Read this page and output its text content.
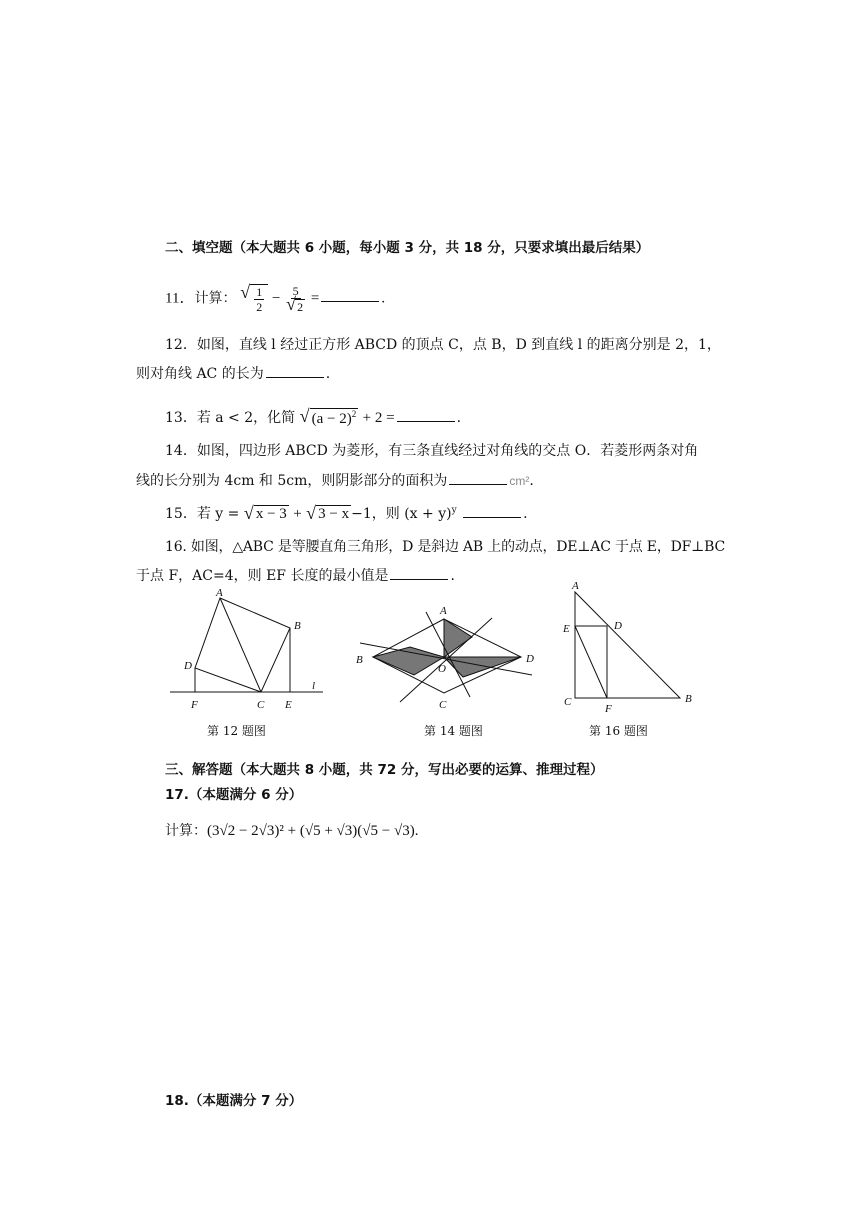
二、填空题（本大题共 6 小题，每小题 3 分，共 18 分，只要求填出最后结果）
11．计算： √ $\frac{1}{2} - 5$
√ 2 =	.
12．如图，直线 l 经过正方形 ABCD 的顶点 C，点 B，D 到直线 l 的距离分别是 2，1，
则对角线 AC 的长为	.
13．若 a < 2，化简 √ $(a - 2)^2 + 2$ =	.
14．如图，四边形 ABCD 为菱形，有三条直线经过对角线的交点 O．若菱形两条对角
线的长分别为 4cm 和 5cm，则阴影部分的面积为	cm².
15．若 y = √ x − 3 + √ 3 − x −1，则 $(x + y)^y$	.
16. 如图，△ABC 是等腰直角三角形，D 是斜边 AB 上的动点，DE⊥AC 于点 E，DF⊥BC
于点 F，AC=4，则 EF 长度的最小值是	.
A
B
C
D
E
F
l
第 12 题图
A
B
C
D
O
第 14 题图
A
B
C
D
E
F
第 16 题图
三、解答题（本大题共 8 小题，共 72 分，写出必要的运算、推理过程）
17.（本题满分 6 分）
计算：(3√2 − 2√3)² + (√5 + √3)(√5 − √3).
18.（本题满分 7 分）
